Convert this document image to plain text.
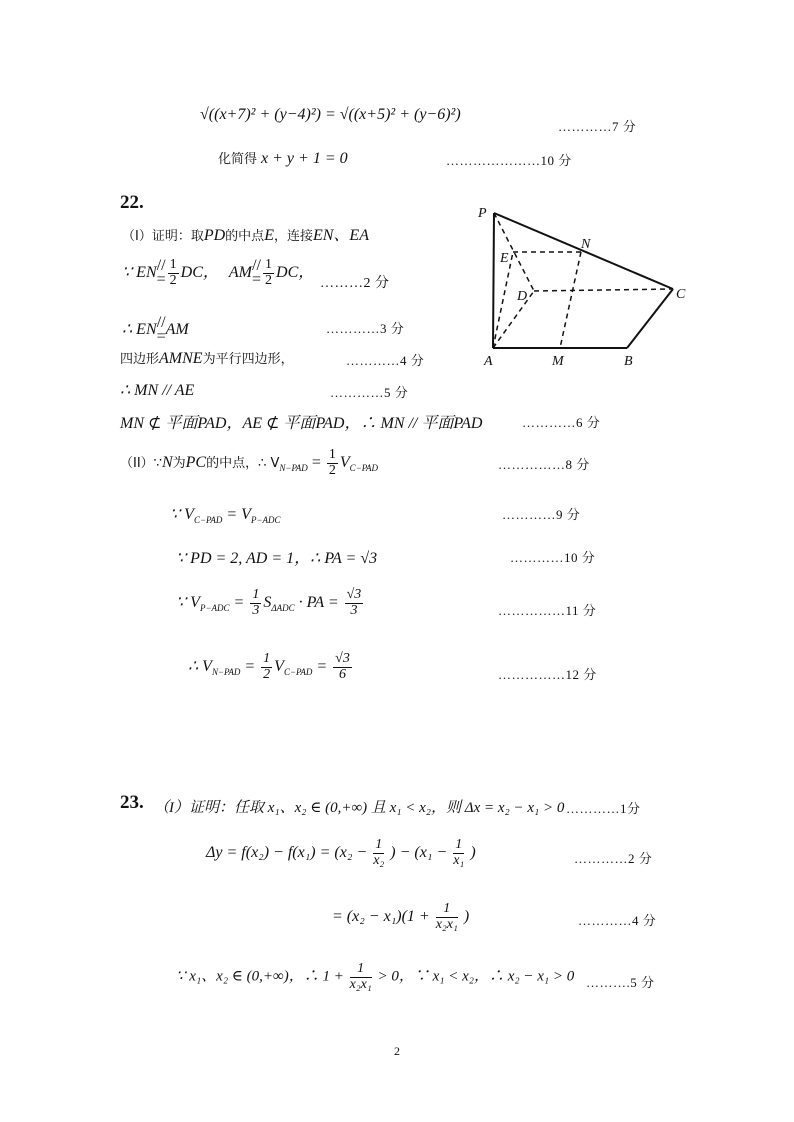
√((x+7)² + (y−4)²) = √((x+5)² + (y−6)²)
…………7 分
化简得 x + y + 1 = 0	…………………10 分
22.
（I）证明：取PD的中点E，连接EN、EA
∵ EN //
= $\frac{1}{2}$ DC， AM //
= $\frac{1}{2}$ DC，
………2 分
∴ EN //
= AM	…………3 分
四边形AMNE为平行四边形，	…………4 分
∴ MN // AE	…………5 分
MN ⊄ 平面PAD，AE ⊄ 平面PAD，∴ MN // 平面PAD	…………6 分
（II）∵N为PC的中点，∴ $V_{N-PAD} = \frac{1}{2} V_{C-PAD}$	……………8 分
∵ $V_{C-PAD} = V_{P-ADC}$	…………9 分
∵ PD = 2, AD = 1，∴ PA = √3	…………10 分
∵ $V_{P-ADC} = \frac{1}{3} S_{\Delta ADC}$ · PA = $\frac{√3}{3}$	……………11 分
∴ $V_{N-PAD} = \frac{1}{2} V_{C-PAD} = \frac{√3}{6}$	……………12 分
P
N
E
D	C
A	M	B
23. （I）证明：任取 x₁、x₂ ∈ (0,+∞) 且 x₁ < x₂，则 Δx = x₂ − x₁ > 0 …………1分
$\Delta y = f(x_2) - f(x_1) = (x_2 - \frac{1}{\text{x₂}}$ ) − ($x_1 - \frac{1}{\text{x₁}}$ )	…………2 分
= $(x_2 - x_1)(1 + \frac{1}{\text{x₂x₁}}$ )	…………4 分
∵ x₁、x₂ ∈ (0,+∞)，∴ $1 + \frac{1}{\text{x₂x₁}} > 0$，∵ x₁ < x₂，∴ x₂ − x₁ > 0 ……….5 分
2
